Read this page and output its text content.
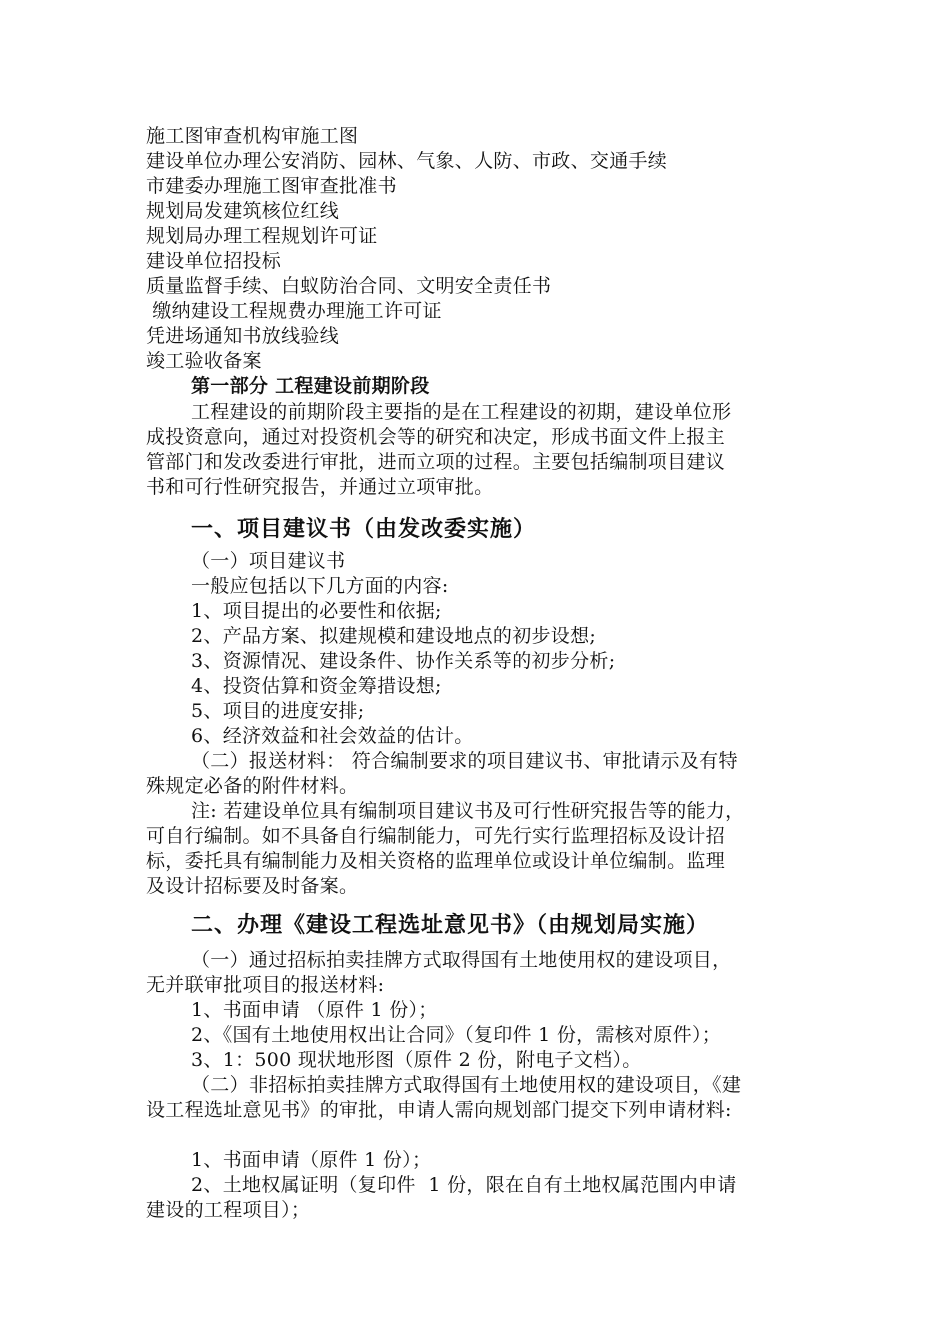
施工图审查机构审施工图
建设单位办理公安消防、园林、气象、人防、市政、交通手续
市建委办理施工图审查批准书
规划局发建筑核位红线
规划局办理工程规划许可证
建设单位招投标
质量监督手续、白蚁防治合同、文明安全责任书
缴纳建设工程规费办理施工许可证
凭进场通知书放线验线
竣工验收备案
第一部分 工程建设前期阶段
工程建设的前期阶段主要指的是在工程建设的初期，建设单位形
成投资意向，通过对投资机会等的研究和决定，形成书面文件上报主
管部门和发改委进行审批，进而立项的过程。主要包括编制项目建议
书和可行性研究报告，并通过立项审批。
一、项目建议书（由发改委实施）
（一）项目建议书
一般应包括以下几方面的内容:
1、项目提出的必要性和依据;
2、产品方案、拟建规模和建设地点的初步设想;
3、资源情况、建设条件、协作关系等的初步分析;
4、投资估算和资金筹措设想;
5、项目的进度安排;
6、经济效益和社会效益的估计。
（二）报送材料： 符合编制要求的项目建议书、审批请示及有特
殊规定必备的附件材料。
注: 若建设单位具有编制项目建议书及可行性研究报告等的能力，
可自行编制。如不具备自行编制能力，可先行实行监理招标及设计招
标，委托具有编制能力及相关资格的监理单位或设计单位编制。监理
及设计招标要及时备案。
二、办理《建设工程选址意见书》（由规划局实施）
（一）通过招标拍卖挂牌方式取得国有土地使用权的建设项目，
无并联审批项目的报送材料:
1、书面申请 （原件 1 份）；
2、《国有土地使用权出让合同》（复印件 1 份，需核对原件）；
3、1：500 现状地形图（原件 2 份，附电子文档）。
（二）非招标拍卖挂牌方式取得国有土地使用权的建设项目，《建
设工程选址意见书》的审批，申请人需向规划部门提交下列申请材料:
1、书面申请（原件 1 份）；
2、土地权属证明（复印件  1 份，限在自有土地权属范围内申请
建设的工程项目）；
